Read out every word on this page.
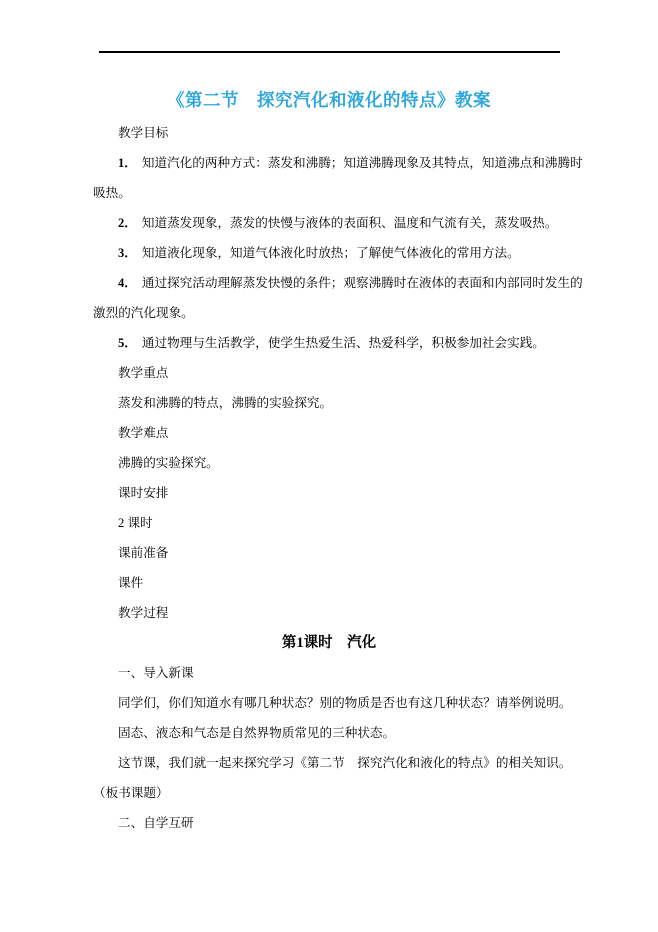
《第二节　探究汽化和液化的特点》教案
教学目标
1． 知道汽化的两种方式：蒸发和沸腾；知道沸腾现象及其特点，知道沸点和沸腾时
吸热。
2． 知道蒸发现象，蒸发的快慢与液体的表面积、温度和气流有关，蒸发吸热。
3． 知道液化现象，知道气体液化时放热；了解使气体液化的常用方法。
4． 通过探究活动理解蒸发快慢的条件；观察沸腾时在液体的表面和内部同时发生的
激烈的汽化现象。
5． 通过物理与生活教学，使学生热爱生活、热爱科学，积极参加社会实践。
教学重点
蒸发和沸腾的特点，沸腾的实验探究。
教学难点
沸腾的实验探究。
课时安排
2 课时
课前准备
课件
教学过程
第1课时　汽化
一、导入新课
同学们，你们知道水有哪几种状态？别的物质是否也有这几种状态？请举例说明。
固态、液态和气态是自然界物质常见的三种状态。
这节课，我们就一起来探究学习《第二节　探究汽化和液化的特点》的相关知识。
（板书课题）
二、自学互研
